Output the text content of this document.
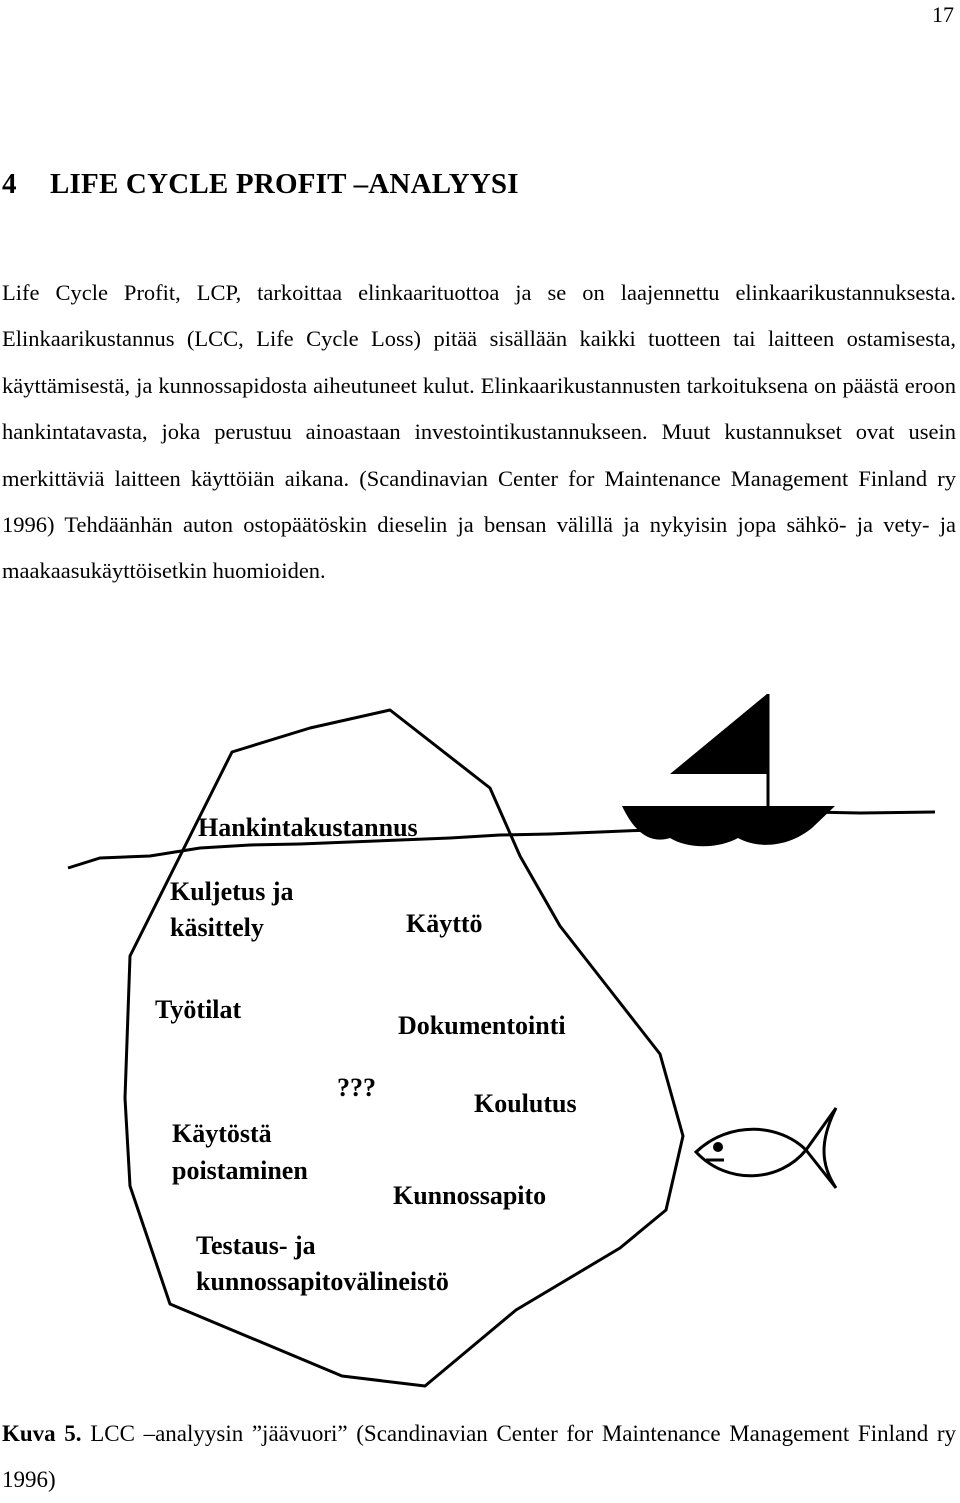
17
4 LIFE CYCLE PROFIT –ANALYYSI

Life Cycle Profit, LCP, tarkoittaa elinkaarituottoa ja se on laajennettu elinkaarikustannuksesta. Elinkaarikustannus (LCC, Life Cycle Loss) pitää sisällään kaikki tuotteen tai laitteen ostamisesta, käyttämisestä, ja kunnossapidosta aiheutuneet kulut. Elinkaarikustannusten tarkoituksena on päästä eroon hankintatavasta, joka perustuu ainoastaan investointikustannukseen. Muut kustannukset ovat usein merkittäviä laitteen käyttöiän aikana. (Scandinavian Center for Maintenance Management Finland ry 1996) Tehdäänhän auton ostopäätöskin dieselin ja bensan välillä ja nykyisin jopa sähkö- ja vety- ja maakaasukäyttöisetkin huomioiden.

Hankintakustannus
Kuljetus ja
käsittely	Käyttö
Työtilat
Dokumentointi
???
Koulutus
Käytöstä
poistaminen
Kunnossapito
Testaus- ja
kunnossapitovälineistö

Kuva 5. LCC –analyysin ”jäävuori” (Scandinavian Center for Maintenance Management Finland ry 1996)
